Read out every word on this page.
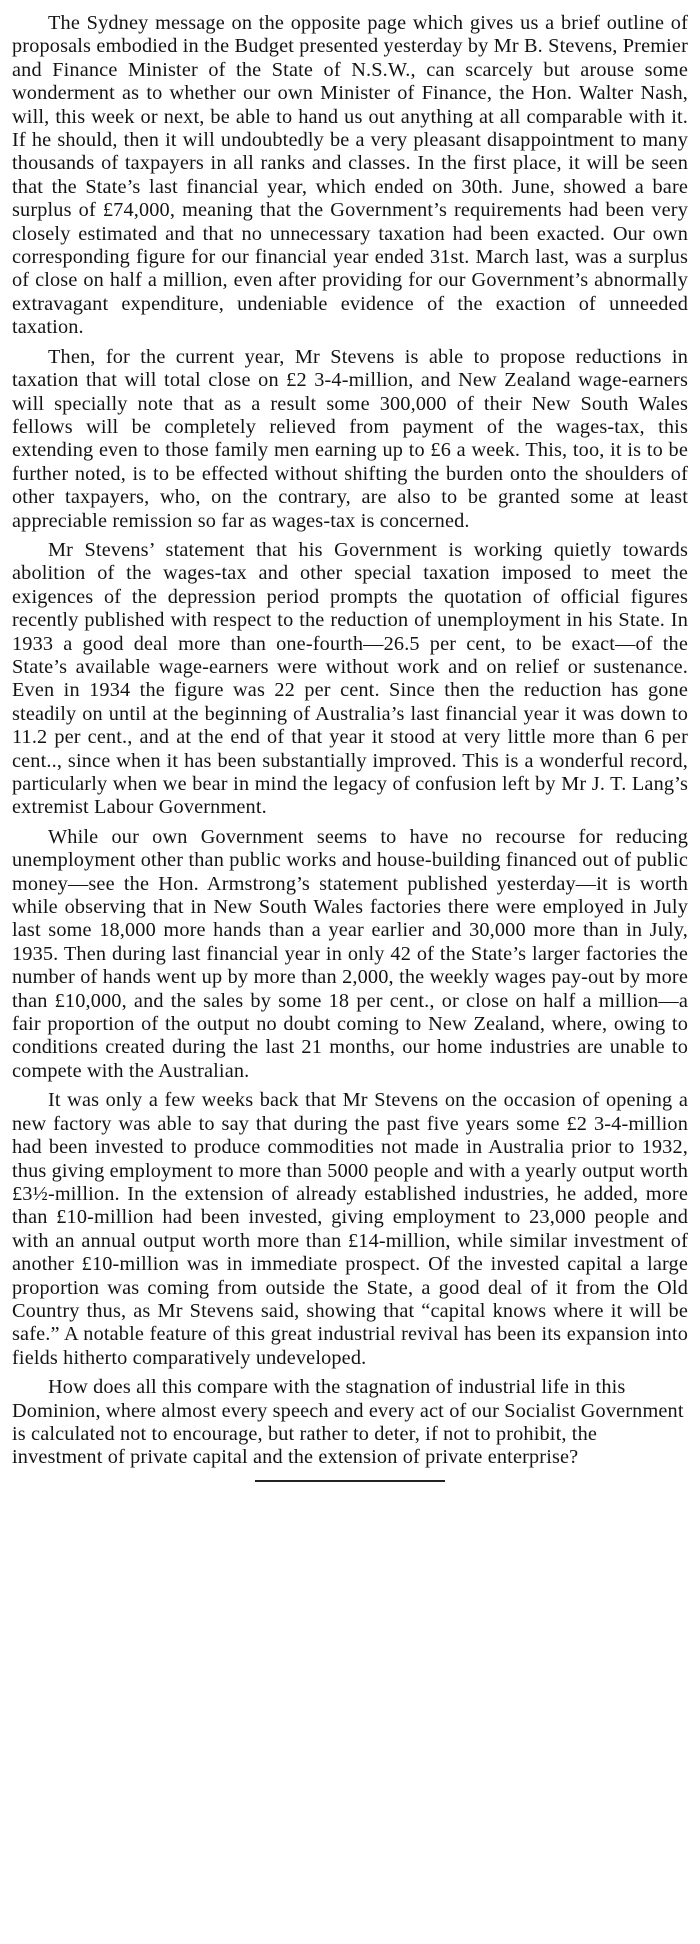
The Sydney message on the opposite page which gives us a brief outline of proposals embodied in the Budget presented yesterday by Mr B. Stevens, Premier and Finance Minister of the State of N.S.W., can scarcely but arouse some wonderment as to whether our own Minister of Finance, the Hon. Walter Nash, will, this week or next, be able to hand us out anything at all comparable with it. If he should, then it will undoubtedly be a very pleasant disappointment to many thousands of taxpayers in all ranks and classes. In the first place, it will be seen that the State’s last financial year, which ended on 30th. June, showed a bare surplus of £74,000, meaning that the Government’s requirements had been very closely estimated and that no unnecessary taxation had been exacted. Our own corresponding figure for our financial year ended 31st. March last, was a surplus of close on half a million, even after providing for our Government’s abnormally extravagant expenditure, undeniable evidence of the exaction of unneeded taxation.

Then, for the current year, Mr Stevens is able to propose reductions in taxation that will total close on £2 3-4-million, and New Zealand wage-earners will specially note that as a result some 300,000 of their New South Wales fellows will be completely relieved from payment of the wages-tax, this extending even to those family men earning up to £6 a week. This, too, it is to be further noted, is to be effected without shifting the burden onto the shoulders of other taxpayers, who, on the contrary, are also to be granted some at least appreciable remission so far as wages-tax is concerned.

Mr Stevens’ statement that his Government is working quietly towards abolition of the wages-tax and other special taxation imposed to meet the exigences of the depression period prompts the quotation of official figures recently published with respect to the reduction of unemployment in his State. In 1933 a good deal more than one-fourth—26.5 per cent, to be exact—of the State’s available wage-earners were without work and on relief or sustenance. Even in 1934 the figure was 22 per cent. Since then the reduction has gone steadily on until at the beginning of Australia’s last financial year it was down to 11.2 per cent., and at the end of that year it stood at very little more than 6 per cent.., since when it has been substantially improved. This is a wonderful record, particularly when we bear in mind the legacy of confusion left by Mr J. T. Lang’s extremist Labour Government.

While our own Government seems to have no recourse for reducing unemployment other than public works and house-building financed out of public money—see the Hon. Armstrong’s statement published yesterday—it is worth while observing that in New South Wales factories there were employed in July last some 18,000 more hands than a year earlier and 30,000 more than in July, 1935. Then during last financial year in only 42 of the State’s larger factories the number of hands went up by more than 2,000, the weekly wages pay-out by more than £10,000, and the sales by some 18 per cent., or close on half a million—a fair proportion of the output no doubt coming to New Zealand, where, owing to conditions created during the last 21 months, our home industries are unable to compete with the Australian.

It was only a few weeks back that Mr Stevens on the occasion of opening a new factory was able to say that during the past five years some £2 3-4-million had been invested to produce commodities not made in Australia prior to 1932, thus giving employment to more than 5000 people and with a yearly output worth £3½-million. In the extension of already established industries, he added, more than £10-million had been invested, giving employment to 23,000 people and with an annual output worth more than £14-million, while similar investment of another £10-million was in immediate prospect. Of the invested capital a large proportion was coming from outside the State, a good deal of it from the Old Country thus, as Mr Stevens said, showing that “capital knows where it will be safe.” A notable feature of this great industrial revival has been its expansion into fields hitherto comparatively undeveloped.

How does all this compare with the stagnation of industrial life in this Dominion, where almost every speech and every act of our Socialist Government is calculated not to encourage, but rather to deter, if not to prohibit, the investment of private capital and the extension of private enterprise?
